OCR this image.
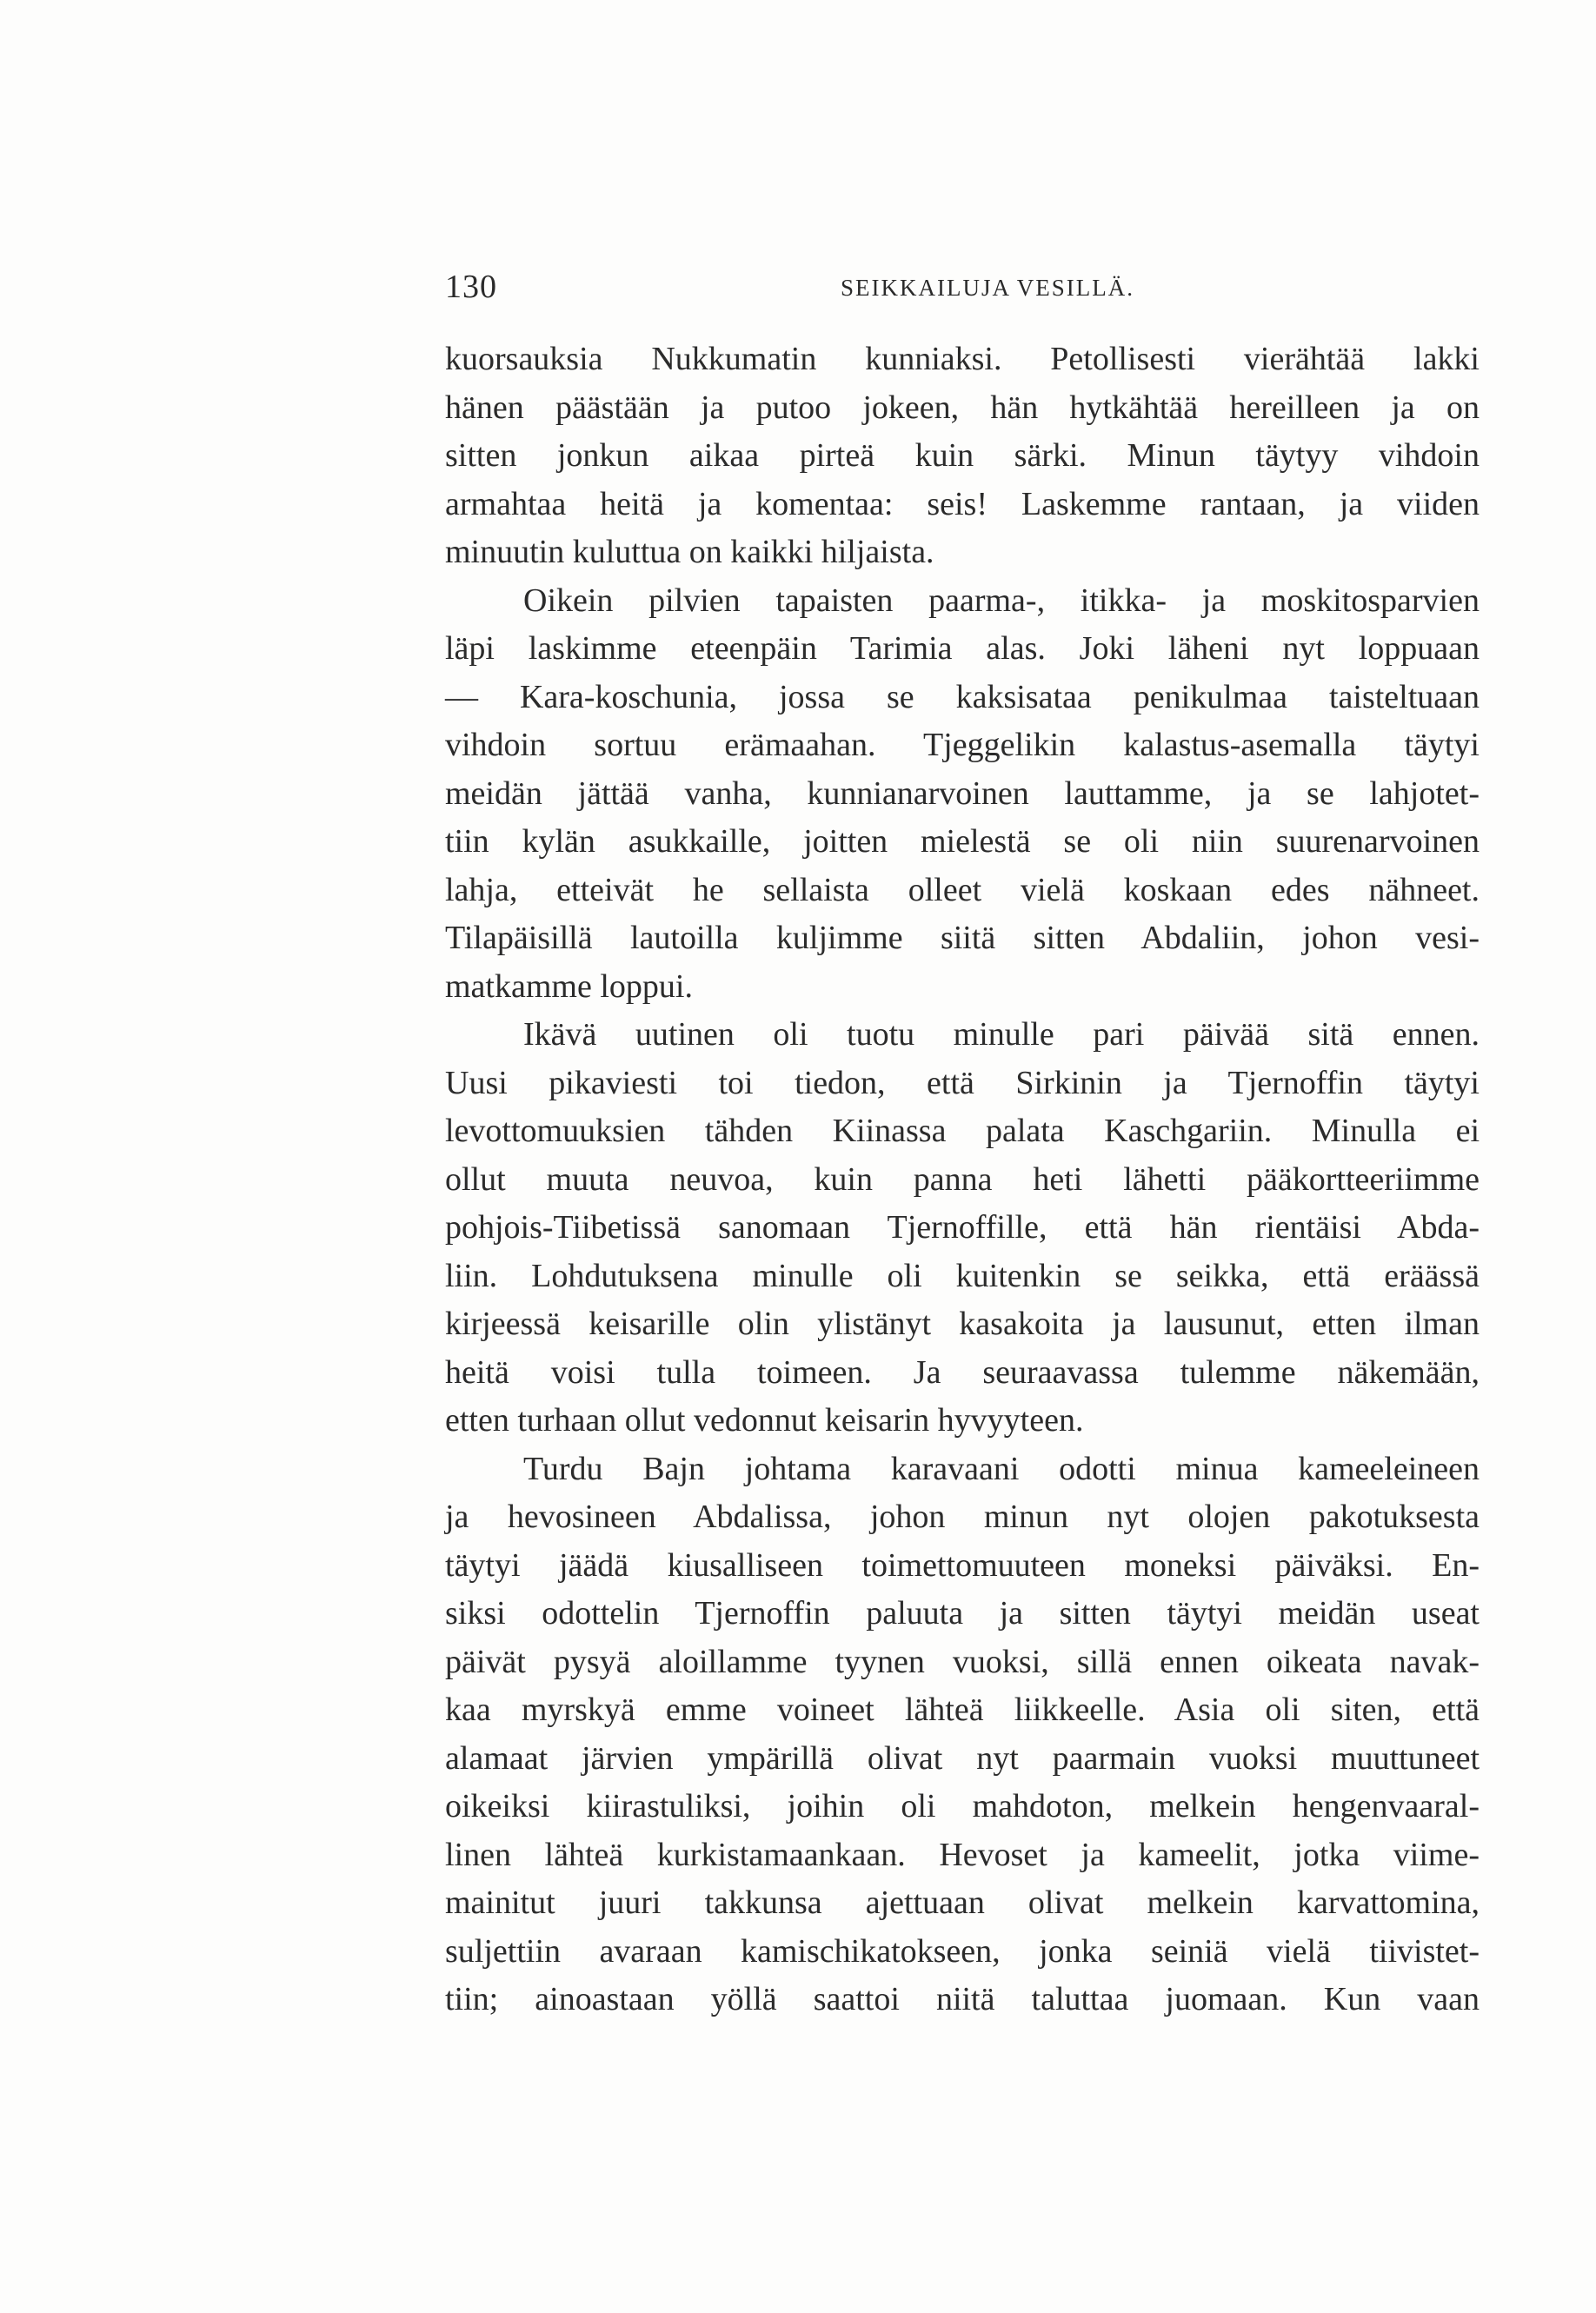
130	SEIKKAILUJA VESILLÄ.
kuorsauksia Nukkumatin kunniaksi. Petollisesti vierähtää lakki
hänen päästään ja putoo jokeen, hän hytkähtää hereilleen ja on
sitten jonkun aikaa pirteä kuin särki. Minun täytyy vihdoin
armahtaa heitä ja komentaa: seis! Laskemme rantaan, ja viiden
minuutin kuluttua on kaikki hiljaista.
Oikein pilvien tapaisten paarma-, itikka- ja moskitosparvien
läpi laskimme eteenpäin Tarimia alas. Joki läheni nyt loppuaan
— Kara-koschunia, jossa se kaksisataa penikulmaa taisteltuaan
vihdoin sortuu erämaahan. Tjeggelikin kalastus-asemalla täytyi
meidän jättää vanha, kunnianarvoinen lauttamme, ja se lahjotet-
tiin kylän asukkaille, joitten mielestä se oli niin suurenarvoinen
lahja, etteivät he sellaista olleet vielä koskaan edes nähneet.
Tilapäisillä lautoilla kuljimme siitä sitten Abdaliin, johon vesi-
matkamme loppui.
Ikävä uutinen oli tuotu minulle pari päivää sitä ennen.
Uusi pikaviesti toi tiedon, että Sirkinin ja Tjernoffin täytyi
levottomuuksien tähden Kiinassa palata Kaschgariin. Minulla ei
ollut muuta neuvoa, kuin panna heti lähetti pääkortteeriimme
pohjois-Tiibetissä sanomaan Tjernoffille, että hän rientäisi Abda-
liin. Lohdutuksena minulle oli kuitenkin se seikka, että eräässä
kirjeessä keisarille olin ylistänyt kasakoita ja lausunut, etten ilman
heitä voisi tulla toimeen. Ja seuraavassa tulemme näkemään,
etten turhaan ollut vedonnut keisarin hyvyyteen.
Turdu Bajn johtama karavaani odotti minua kameeleineen
ja hevosineen Abdalissa, johon minun nyt olojen pakotuksesta
täytyi jäädä kiusalliseen toimettomuuteen moneksi päiväksi. En-
siksi odottelin Tjernoffin paluuta ja sitten täytyi meidän useat
päivät pysyä aloillamme tyynen vuoksi, sillä ennen oikeata navak-
kaa myrskyä emme voineet lähteä liikkeelle. Asia oli siten, että
alamaat järvien ympärillä olivat nyt paarmain vuoksi muuttuneet
oikeiksi kiirastuliksi, joihin oli mahdoton, melkein hengenvaaral-
linen lähteä kurkistamaankaan. Hevoset ja kameelit, jotka viime-
mainitut juuri takkunsa ajettuaan olivat melkein karvattomina,
suljettiin avaraan kamischikatokseen, jonka seiniä vielä tiivistet-
tiin; ainoastaan yöllä saattoi niitä taluttaa juomaan. Kun vaan
